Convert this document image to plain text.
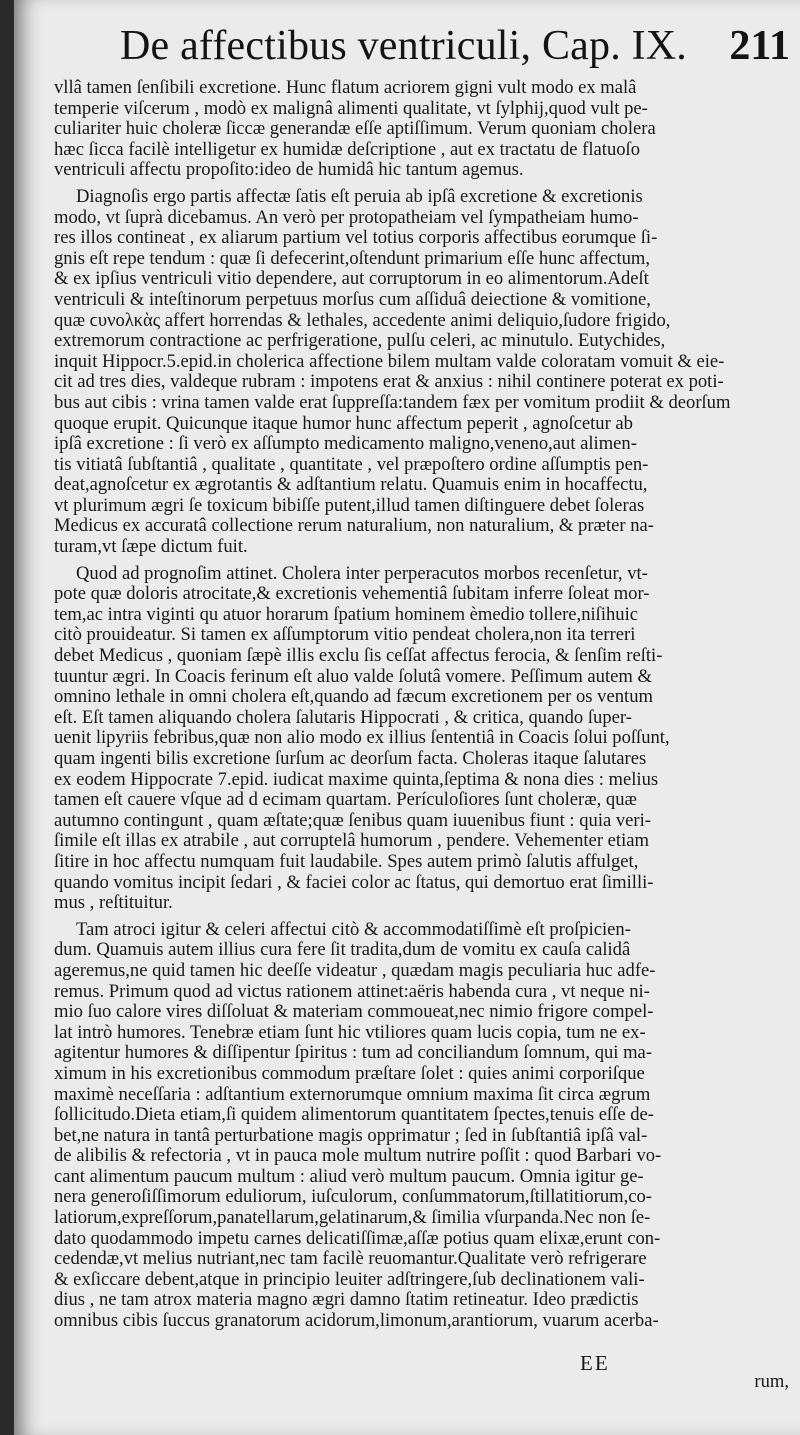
De affectibus ventriculi, Cap. IX. 211
vllâ tamen ſenſibili excretione. Hunc flatum acriorem gigni vult modo ex malâ
temperie viſcerum , modò ex malignâ alimenti qualitate, vt ſylphij,quod vult pe-
culiariter huic choleræ ſiccæ generandæ eſſe aptiſſimum. Verum quoniam cholera
hæc ſicca facilè intelligetur ex humidæ deſcriptione , aut ex tractatu de flatuoſo
ventriculi affectu propoſito:ideo de humidâ hic tantum agemus.
Diagnoſis ergo partis affectæ ſatis eſt peruia ab ipſâ excretione & excretionis
modo, vt ſuprà dicebamus. An verò per protopatheiam vel ſympatheiam humo-
res illos contineat , ex aliarum partium vel totius corporis affectibus eorumque ſi-
gnis eſt repe tendum : quæ ſi defecerint,oſtendunt primarium eſſe hunc affectum,
& ex ipſius ventriculi vitio dependere, aut corruptorum in eo alimentorum.Adeſt
ventriculi & inteſtinorum perpetuus morſus cum aſſiduâ deiectione & vomitione,
quæ ϲυνολκὰς affert horrendas & lethales, accedente animi deliquio,ſudore frigido,
extremorum contractione ac perfrigeratione, pulſu celeri, ac minutulo. Eutychides,
inquit Hippocr.5.epid.in cholerica affectione bilem multam valde coloratam vomuit & eie-
cit ad tres dies, valdeque rubram : impotens erat & anxius : nihil continere poterat ex poti-
bus aut cibis : vrina tamen valde erat ſuppreſſa:tandem fæx per vomitum prodiit & deorſum
quoque erupit. Quicunque itaque humor hunc affectum peperit , agnoſcetur ab
ipſâ excretione : ſi verò ex aſſumpto medicamento maligno,veneno,aut alimen-
tis vitiatâ ſubſtantiâ , qualitate , quantitate , vel præpoſtero ordine aſſumptis pen-
deat,agnoſcetur ex ægrotantis & adſtantium relatu. Quamuis enim in hocaffectu,
vt plurimum ægri ſe toxicum bibiſſe putent,illud tamen diſtinguere debet ſoleras
Medicus ex accuratâ collectione rerum naturalium, non naturalium, & præter na-
turam,vt ſæpe dictum fuit.
Quod ad prognoſim attinet. Cholera inter perperacutos morbos recenſetur, vt-
pote quæ doloris atrocitate,& excretionis vehementiâ ſubitam inferre ſoleat mor-
tem,ac intra viginti qu atuor horarum ſpatium hominem èmedio tollere,niſihuic
citò prouideatur. Si tamen ex aſſumptorum vitio pendeat cholera,non ita terreri
debet Medicus , quoniam ſæpè illis exclu ſis ceſſat affectus ferocia, & ſenſim reſti-
tuuntur ægri. In Coacis ferinum eſt aluo valde ſolutâ vomere. Peſſimum autem &
omnino lethale in omni cholera eſt,quando ad fæcum excretionem per os ventum
eſt. Eſt tamen aliquando cholera ſalutaris Hippocrati , & critica, quando ſuper-
uenit lipyriis febribus,quæ non alio modo ex illius ſententiâ in Coacis ſolui poſſunt,
quam ingenti bilis excretione ſurſum ac deorſum facta. Choleras itaque ſalutares
ex eodem Hippocrate 7.epid. iudicat maxime quinta,ſeptima & nona dies : melius
tamen eſt cauere vſque ad d ecimam quartam. Perículoſiores ſunt choleræ, quæ
autumno contingunt , quam æſtate;quæ ſenibus quam iuuenibus fiunt : quia veri-
ſimile eſt illas ex atrabile , aut corruptelâ humorum , pendere. Vehementer etiam
ſitire in hoc affectu numquam fuit laudabile. Spes autem primò ſalutis affulget,
quando vomitus incipit ſedari , & faciei color ac ſtatus, qui demortuo erat ſimilli-
mus , reſtituitur.
Tam atroci igitur & celeri affectui citò & accommodatiſſimè eſt proſpicien-
dum. Quamuis autem illius cura fere ſit tradita,dum de vomitu ex cauſa calidâ
ageremus,ne quid tamen hic deeſſe videatur , quædam magis peculiaria huc adfe-
remus. Primum quod ad victus rationem attinet:aëris habenda cura , vt neque ni-
mio ſuo calore vires diſſoluat & materiam commoueat,nec nimio frigore compel-
lat intrò humores. Tenebræ etiam ſunt hic vtiliores quam lucis copia, tum ne ex-
agitentur humores & diſſipentur ſpiritus : tum ad conciliandum ſomnum, qui ma-
ximum in his excretionibus commodum præſtare ſolet : quies animi corporiſque
maximè neceſſaria : adſtantium externorumque omnium maxima ſit circa ægrum
ſollicitudo.Dieta etiam,ſi quidem alimentorum quantitatem ſpectes,tenuis eſſe de-
bet,ne natura in tantâ perturbatione magis opprimatur ; ſed in ſubſtantiâ ipſâ val-
de alibilis & refectoria , vt in pauca mole multum nutrire poſſit : quod Barbari vo-
cant alimentum paucum multum : aliud verò multum paucum. Omnia igitur ge-
nera generoſiſſimorum eduliorum, iuſculorum, conſummatorum,ſtillatitiorum,co-
latiorum,expreſſorum,panatellarum,gelatinarum,& ſimilia vſurpanda.Nec non ſe-
dato quodammodo impetu carnes delicatiſſimæ,aſſæ potius quam elixæ,erunt con-
cedendæ,vt melius nutriant,nec tam facilè reuomantur.Qualitate verò refrigerare
& exſiccare debent,atque in principio leuiter adſtringere,ſub declinationem vali-
dius , ne tam atrox materia magno ægri damno ſtatim retineatur. Ideo prædictis
omnibus cibis ſuccus granatorum acidorum,limonum,arantiorum, vuarum acerba-
EE
rum,
